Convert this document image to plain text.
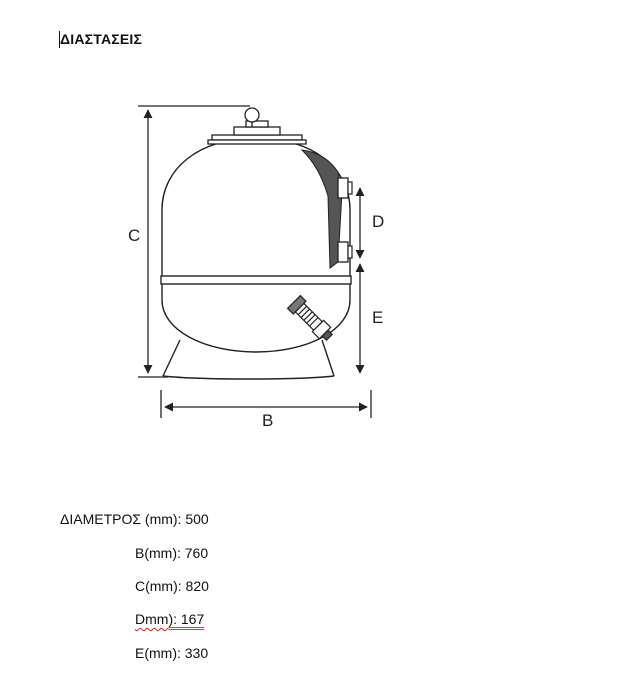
ΔΙΑΣΤΑΣΕΙΣ
C
D
E
B
ΔΙΑΜΕΤΡΟΣ (mm): 500
B(mm): 760
C(mm): 820
Dmm): 167
E(mm): 330
